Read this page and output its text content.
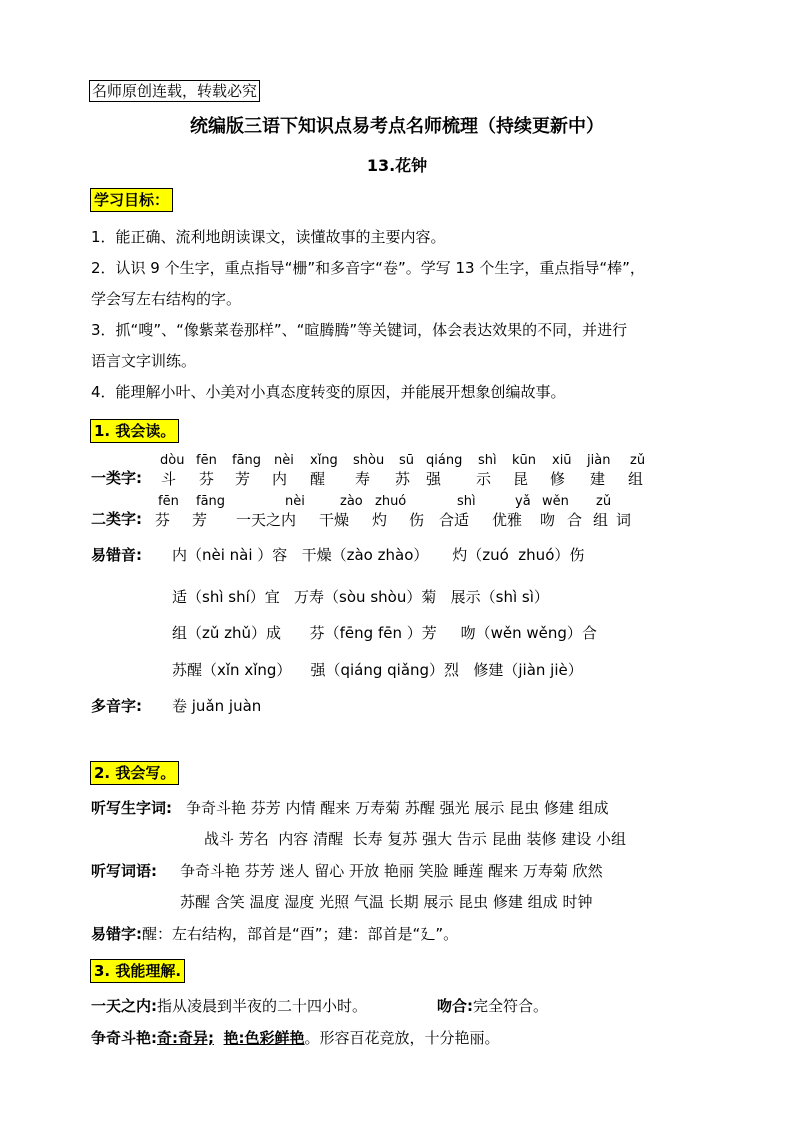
名师原创连载，转载必究
统编版三语下知识点易考点名师梳理（持续更新中）
13.花钟
学习目标：
1．能正确、流利地朗读课文，读懂故事的主要内容。
2．认识 9 个生字，重点指导“栅”和多音字“卷”。学写 13 个生字，重点指导“棒”，
学会写左右结构的字。
3．抓“嗖”、“像紫菜卷那样”、“暄腾腾”等关键词，体会表达效果的不同，并进行
语言文字训练。
4．能理解小叶、小美对小真态度转变的原因，并能展开想象创编故事。
1. 我会读。
一类字:
dòu
斗
fēn
芬
fāng
芳
nèi
内
xǐng
醒
shòu
寿
sū
苏
qiáng
强
shì
示
kūn
昆
xiū
修
jiàn
建
zǔ
组
二类字:
fēn
芬
fāng
芳
nèi
一天之内
zào
干燥
zhuó
灼 伤
shì
合适
yǎ
优雅
wěn
吻 合
zǔ
组 词
易错音: 内（nèi nài ）容   干燥（zào zhào）     灼（zuó  zhuó）伤
适（shì shí）宜   万寿（sòu shòu）菊   展示（shì sì）
组（zǔ zhǔ）成      芬（fēng fēn ）芳     吻（wěn wěng）合
苏醒（xǐn xǐng）    强（qiáng qiǎng）烈   修建（jiàn jiè）
多音字: 卷 juǎn juàn
2. 我会写。
听写生字词: 争奇斗艳 芬芳 内情 醒来 万寿菊 苏醒 强光 展示 昆虫 修建 组成
战斗 芳名  内容 清醒  长寿 复苏 强大 告示 昆曲 装修 建设 小组
听写词语: 争奇斗艳 芬芳 迷人 留心 开放 艳丽 笑脸 睡莲 醒来 万寿菊 欣然
苏醒 含笑 温度 湿度 光照 气温 长期 展示 昆虫 修建 组成 时钟
易错字:醒：左右结构，部首是“酉”；建：部首是“廴”。
3. 我能理解.
一天之内:指从凌晨到半夜的二十四小时。	吻合:完全符合。
争奇斗艳:奇:奇异; 艳:色彩鲜艳。形容百花竞放，十分艳丽。
